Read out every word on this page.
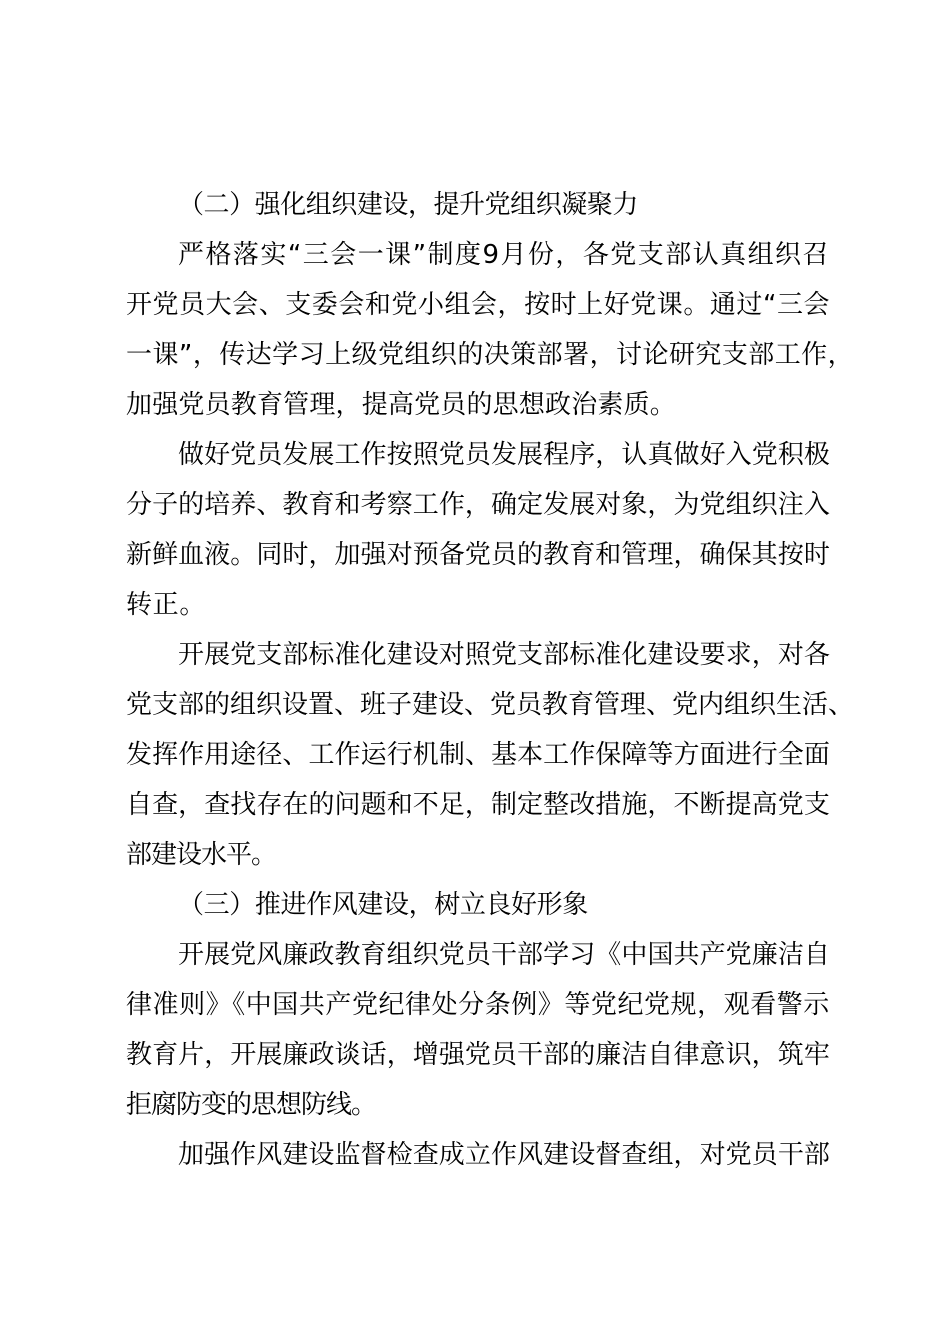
（二）强化组织建设，提升党组织凝聚力
严格落实“三会一课”制度9月份，各党支部认真组织召
开党员大会、支委会和党小组会，按时上好党课。通过“三会
一课”，传达学习上级党组织的决策部署，讨论研究支部工作，
加强党员教育管理，提高党员的思想政治素质。
做好党员发展工作按照党员发展程序，认真做好入党积极
分子的培养、教育和考察工作，确定发展对象，为党组织注入
新鲜血液。同时，加强对预备党员的教育和管理，确保其按时
转正。
开展党支部标准化建设对照党支部标准化建设要求，对各
党支部的组织设置、班子建设、党员教育管理、党内组织生活、
发挥作用途径、工作运行机制、基本工作保障等方面进行全面
自查，查找存在的问题和不足，制定整改措施，不断提高党支
部建设水平。
（三）推进作风建设，树立良好形象
开展党风廉政教育组织党员干部学习《中国共产党廉洁自
律准则》《中国共产党纪律处分条例》等党纪党规，观看警示
教育片，开展廉政谈话，增强党员干部的廉洁自律意识，筑牢
拒腐防变的思想防线。
加强作风建设监督检查成立作风建设督查组，对党员干部
